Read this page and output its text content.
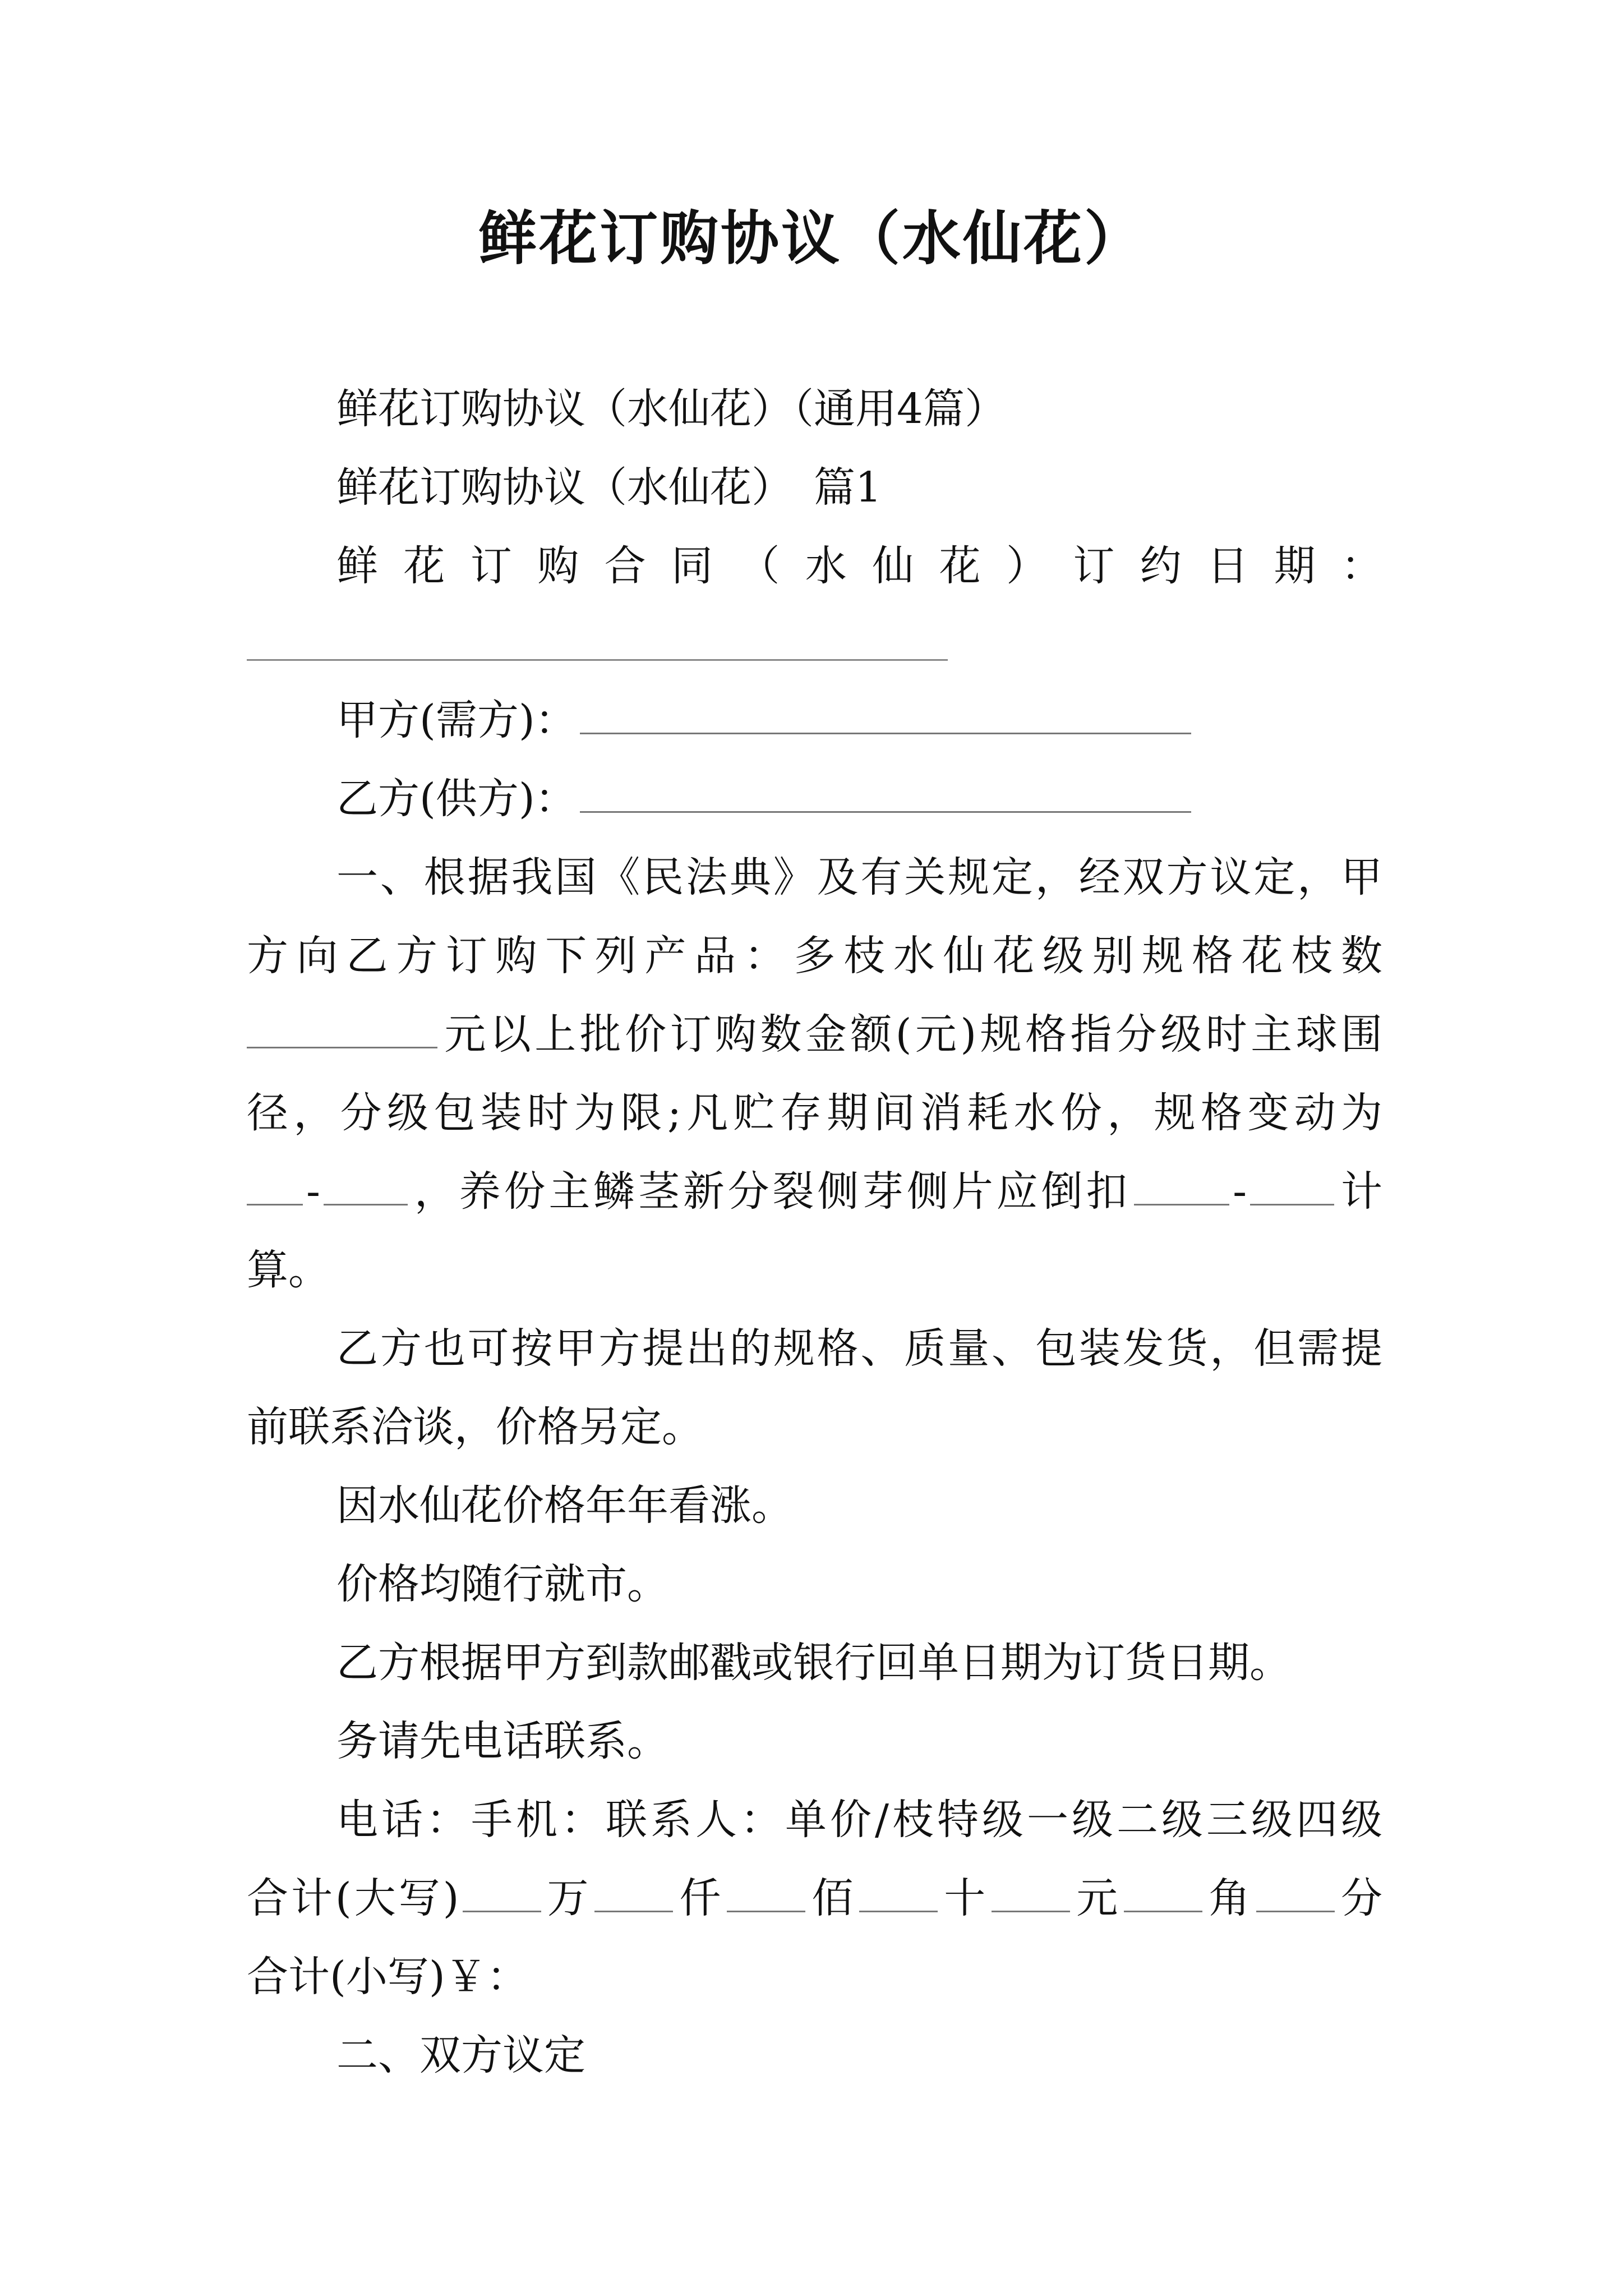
鲜花订购协议（水仙花）

鲜花订购协议（水仙花）（通用4篇）

鲜花订购协议（水仙花）　篇1

鲜花订购合同（水仙花）订约日期：

甲方(需方)：

乙方(供方)：

一、根据我国《民法典》及有关规定，经双方议定，甲

方向乙方订购下列产品：多枝水仙花级别规格花枝数

元以上批价订购数金额(元)规格指分级时主球围

径，分级包装时为限;凡贮存期间消耗水份，规格变动为

- ，养份主鳞茎新分裂侧芽侧片应倒扣 - 计

算。

乙方也可按甲方提出的规格、质量、包装发货，但需提

前联系洽谈，价格另定。

因水仙花价格年年看涨。

价格均随行就市。

乙方根据甲方到款邮戳或银行回单日期为订货日期。

务请先电话联系。

电话：手机：联系人：单价/枝特级一级二级三级四级

合计(大写) 万 仟 佰 十 元 角 分

合计(小写)￥：

二、双方议定
